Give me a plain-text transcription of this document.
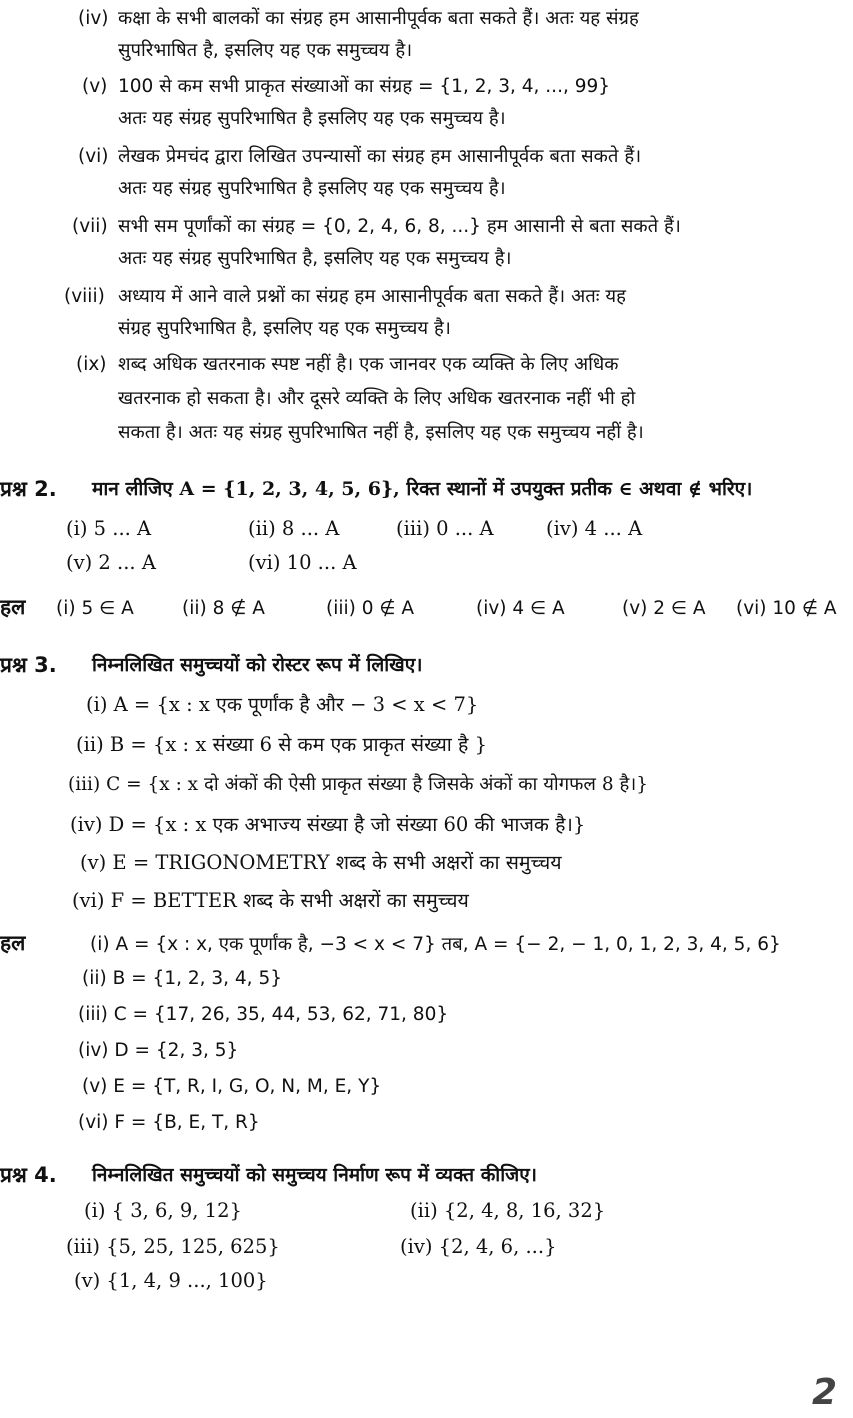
(iv) कक्षा के सभी बालकों का संग्रह हम आसानीपूर्वक बता सकते हैं। अतः यह संग्रह
सुपरिभाषित है, इसलिए यह एक समुच्चय है।
(v) 100 से कम सभी प्राकृत संख्याओं का संग्रह = {1, 2, 3, 4, ..., 99}
अतः यह संग्रह सुपरिभाषित है इसलिए यह एक समुच्चय है।
(vi) लेखक प्रेमचंद द्वारा लिखित उपन्यासों का संग्रह हम आसानीपूर्वक बता सकते हैं।
अतः यह संग्रह सुपरिभाषित है इसलिए यह एक समुच्चय है।
(vii) सभी सम पूर्णांकों का संग्रह = {0, 2, 4, 6, 8, ...} हम आसानी से बता सकते हैं।
अतः यह संग्रह सुपरिभाषित है, इसलिए यह एक समुच्चय है।
(viii) अध्याय में आने वाले प्रश्नों का संग्रह हम आसानीपूर्वक बता सकते हैं। अतः यह
संग्रह सुपरिभाषित है, इसलिए यह एक समुच्चय है।
(ix) शब्द अधिक खतरनाक स्पष्ट नहीं है। एक जानवर एक व्यक्ति के लिए अधिक
खतरनाक हो सकता है। और दूसरे व्यक्ति के लिए अधिक खतरनाक नहीं भी हो
सकता है। अतः यह संग्रह सुपरिभाषित नहीं है, इसलिए यह एक समुच्चय नहीं है।
प्रश्न 2. मान लीजिए A = {1, 2, 3, 4, 5, 6}, रिक्त स्थानों में उपयुक्त प्रतीक ∈ अथवा ∉ भरिए।
(i) 5 ... A	(ii) 8 ... A	(iii) 0 ... A	(iv) 4 ... A
(v) 2 ... A	(vi) 10 ... A
हल (i) 5 ∈ A	(ii) 8 ∉ A	(iii) 0 ∉ A	(iv) 4 ∈ A	(v) 2 ∈ A (vi) 10 ∉ A
प्रश्न 3. निम्नलिखित समुच्चयों को रोस्टर रूप में लिखिए।
(i) A = {x : x एक पूर्णांक है और − 3 < x < 7}
(ii) B = {x : x संख्या 6 से कम एक प्राकृत संख्या है }
(iii) C = {x : x दो अंकों की ऐसी प्राकृत संख्या है जिसके अंकों का योगफल 8 है।}
(iv) D = {x : x एक अभाज्य संख्या है जो संख्या 60 की भाजक है।}
(v) E = TRIGONOMETRY शब्द के सभी अक्षरों का समुच्चय
(vi) F = BETTER शब्द के सभी अक्षरों का समुच्चय
हल	(i) A = {x : x, एक पूर्णांक है, −3 < x < 7} तब, A = {− 2, − 1, 0, 1, 2, 3, 4, 5, 6}
(ii) B = {1, 2, 3, 4, 5}
(iii) C = {17, 26, 35, 44, 53, 62, 71, 80}
(iv) D = {2, 3, 5}
(v) E = {T, R, I, G, O, N, M, E, Y}
(vi) F = {B, E, T, R}
प्रश्न 4. निम्नलिखित समुच्चयों को समुच्चय निर्माण रूप में व्यक्त कीजिए।
(i) { 3, 6, 9, 12}	(ii) {2, 4, 8, 16, 32}
(iii) {5, 25, 125, 625}	(iv) {2, 4, 6, ...}
(v) {1, 4, 9 ..., 100}
2
